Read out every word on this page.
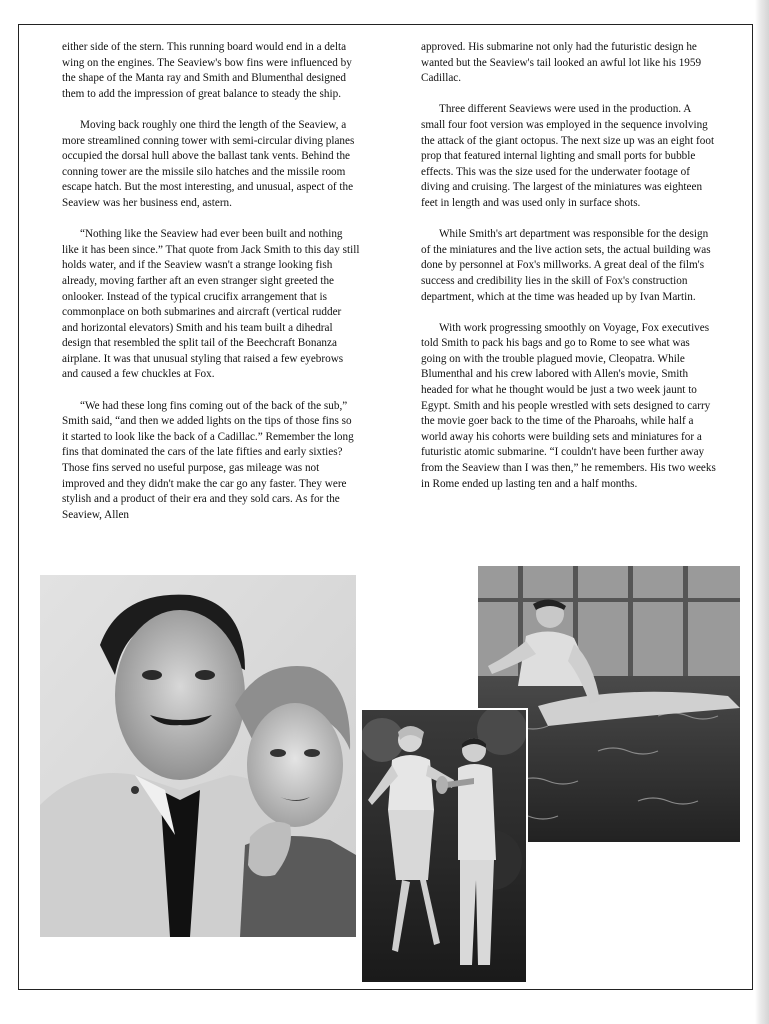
either side of the stern. This running board would end in a delta wing on the engines. The Seaview's bow fins were influenced by the shape of the Manta ray and Smith and Blumenthal designed them to add the impression of great balance to steady the ship.

Moving back roughly one third the length of the Seaview, a more streamlined conning tower with semi-circular diving planes occupied the dorsal hull above the ballast tank vents. Behind the conning tower are the missile silo hatches and the missile room escape hatch. But the most interesting, and unusual, aspect of the Seaview was her business end, astern.

“Nothing like the Seaview had ever been built and nothing like it has been since.” That quote from Jack Smith to this day still holds water, and if the Seaview wasn't a strange looking fish already, moving farther aft an even stranger sight greeted the onlooker. Instead of the typical crucifix arrangement that is commonplace on both submarines and aircraft (vertical rudder and horizontal elevators) Smith and his team built a dihedral design that resembled the split tail of the Beechcraft Bonanza airplane. It was that unusual styling that raised a few eyebrows and caused a few chuckles at Fox.

“We had these long fins coming out of the back of the sub,” Smith said, “and then we added lights on the tips of those fins so it started to look like the back of a Cadillac.” Remember the long fins that dominated the cars of the late fifties and early sixties? Those fins served no useful purpose, gas mileage was not improved and they didn't make the car go any faster. They were stylish and a product of their era and they sold cars. As for the Seaview, Allen

approved. His submarine not only had the futuristic design he wanted but the Seaview's tail looked an awful lot like his 1959 Cadillac.

Three different Seaviews were used in the production. A small four foot version was employed in the sequence involving the attack of the giant octopus. The next size up was an eight foot prop that featured internal lighting and small ports for bubble effects. This was the size used for the underwater footage of diving and cruising. The largest of the miniatures was eighteen feet in length and was used only in surface shots.

While Smith's art department was responsible for the design of the miniatures and the live action sets, the actual building was done by personnel at Fox's millworks. A great deal of the film's success and credibility lies in the skill of Fox's construction department, which at the time was headed up by Ivan Martin.

With work progressing smoothly on Voyage, Fox executives told Smith to pack his bags and go to Rome to see what was going on with the trouble plagued movie, Cleopatra. While Blumenthal and his crew labored with Allen's movie, Smith headed for what he thought would be just a two week jaunt to Egypt. Smith and his people wrestled with sets designed to carry the movie goer back to the time of the Pharoahs, while half a world away his cohorts were building sets and miniatures for a futuristic atomic submarine. “I couldn't have been further away from the Seaview than I was then,” he remembers. His two weeks in Rome ended up lasting ten and a half months.
